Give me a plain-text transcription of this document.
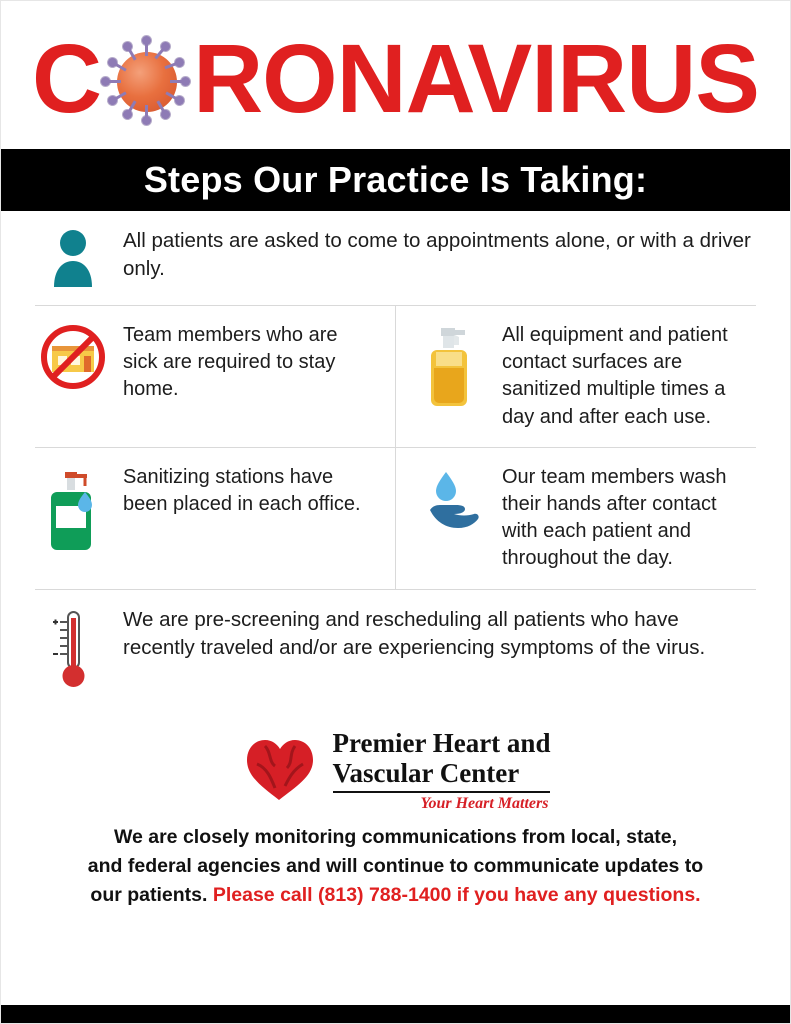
C RONAVIRUS
Steps Our Practice Is Taking:

All patients are asked to come to appointments alone, or with a driver only.

Team members who are sick are required to stay home.

All equipment and patient contact surfaces are sanitized multiple times a day and after each use.

Sanitizing stations have been placed in each office.

Our team members wash their hands after contact with each patient and throughout the day.

We are pre-screening and rescheduling all patients who have recently traveled and/or are experiencing symptoms of the virus.

Premier Heart and
Vascular Center
Your Heart Matters

We are closely monitoring communications from local, state,

and federal agencies and will continue to communicate updates to

our patients. Please call (813) 788-1400 if you have any questions.
